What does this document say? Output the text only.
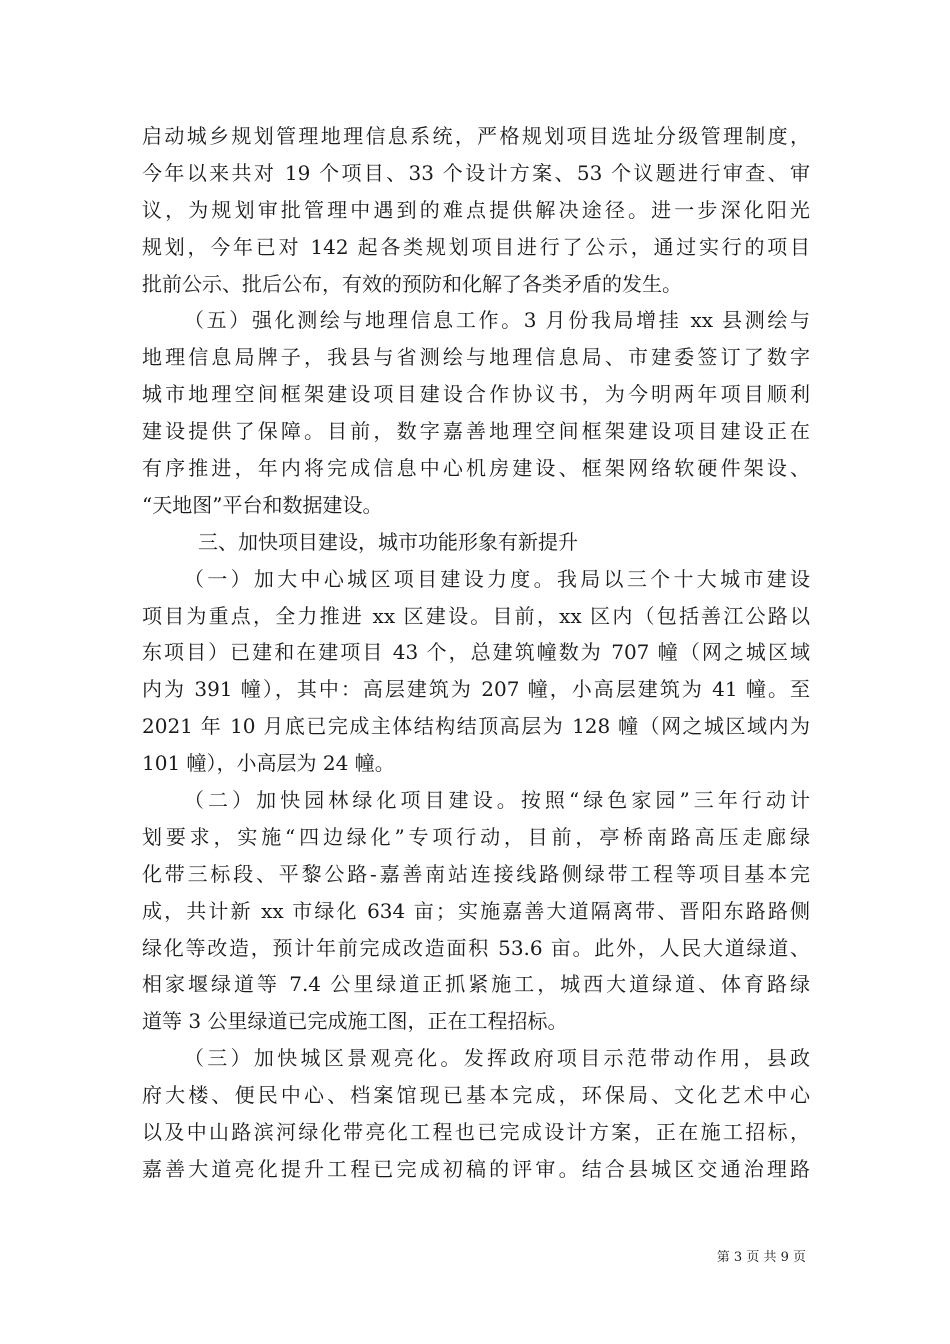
启动城乡规划管理地理信息系统，严格规划项目选址分级管理制度，
今年以来共对 19 个项目、33 个设计方案、53 个议题进行审查、审
议，为规划审批管理中遇到的难点提供解决途径。进一步深化阳光
规划，今年已对 142 起各类规划项目进行了公示，通过实行的项目
批前公示、批后公布，有效的预防和化解了各类矛盾的发生。
（五）强化测绘与地理信息工作。3 月份我局增挂 xx 县测绘与
地理信息局牌子，我县与省测绘与地理信息局、市建委签订了数字
城市地理空间框架建设项目建设合作协议书，为今明两年项目顺利
建设提供了保障。目前，数字嘉善地理空间框架建设项目建设正在
有序推进，年内将完成信息中心机房建设、框架网络软硬件架设、
“天地图”平台和数据建设。
三、加快项目建设，城市功能形象有新提升
（一）加大中心城区项目建设力度。我局以三个十大城市建设
项目为重点，全力推进 xx 区建设。目前，xx 区内（包括善江公路以
东项目）已建和在建项目 43 个，总建筑幢数为 707 幢（网之城区域
内为 391 幢），其中：高层建筑为 207 幢，小高层建筑为 41 幢。至
2021 年 10 月底已完成主体结构结顶高层为 128 幢（网之城区域内为
101 幢），小高层为 24 幢。
（二）加快园林绿化项目建设。按照“绿色家园”三年行动计
划要求，实施“四边绿化”专项行动，目前，亭桥南路高压走廊绿
化带三标段、平黎公路-嘉善南站连接线路侧绿带工程等项目基本完
成，共计新 xx 市绿化 634 亩；实施嘉善大道隔离带、晋阳东路路侧
绿化等改造，预计年前完成改造面积 53.6 亩。此外，人民大道绿道、
相家堰绿道等 7.4 公里绿道正抓紧施工，城西大道绿道、体育路绿
道等 3 公里绿道已完成施工图，正在工程招标。
（三）加快城区景观亮化。发挥政府项目示范带动作用，县政
府大楼、便民中心、档案馆现已基本完成，环保局、文化艺术中心
以及中山路滨河绿化带亮化工程也已完成设计方案，正在施工招标，
嘉善大道亮化提升工程已完成初稿的评审。结合县城区交通治理路
第 3 页 共 9 页
